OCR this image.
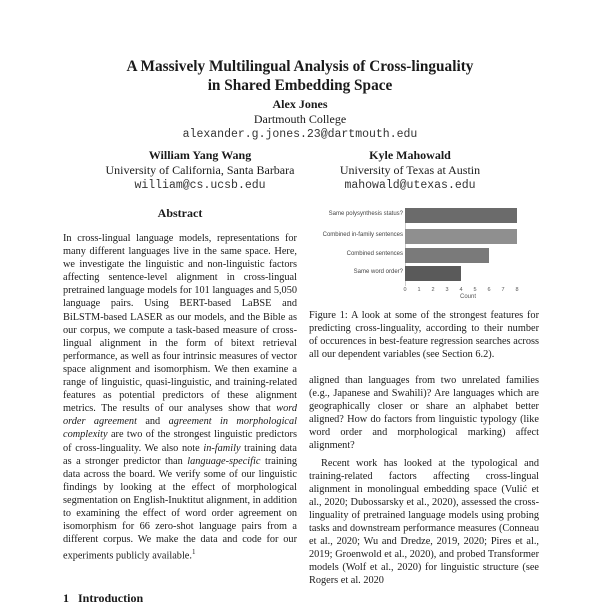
A Massively Multilingual Analysis of Cross-linguality
in Shared Embedding Space
Alex Jones
Dartmouth College
alexander.g.jones.23@dartmouth.edu
William Yang Wang
University of California, Santa Barbara
william@cs.ucsb.edu
Kyle Mahowald
University of Texas at Austin
mahowald@utexas.edu
Abstract

In cross-lingual language models, representations for many different languages live in the same space. Here, we investigate the linguistic and non-linguistic factors affecting sentence-level alignment in cross-lingual pretrained language models for 101 languages and 5,050 language pairs. Using BERT-based LaBSE and BiLSTM-based LASER as our models, and the Bible as our corpus, we compute a task-based measure of cross-lingual alignment in the form of bitext retrieval performance, as well as four intrinsic measures of vector space alignment and isomorphism. We then examine a range of linguistic, quasi-linguistic, and training-related features as potential predictors of these alignment metrics. The results of our analyses show that word order agreement and agreement in morphological complexity are two of the strongest linguistic predictors of cross-linguality. We also note in-family training data as a stronger predictor than language-specific training data across the board. We verify some of our linguistic findings by looking at the effect of morphological segmentation on English-Inuktitut alignment, in addition to examining the effect of word order agreement on isomorphism for 66 zero-shot language pairs from a different corpus. We make the data and code for our experiments publicly available.$^1$

1   Introduction
Same polysynthesis status?
Combined in-family sentences
Combined sentences
Same word order?
0 1 2 3 4 5 6 7 8
Count
Figure 1: A look at some of the strongest features for predicting cross-linguality, according to their number of occurences in best-feature regression searches across all our dependent variables (see Section 6.2).

aligned than languages from two unrelated families (e.g., Japanese and Swahili)? Are languages which are geographically closer or share an alphabet better aligned? How do factors from linguistic typology (like word order and morphological marking) affect alignment?

Recent work has looked at the typological and training-related factors affecting cross-lingual alignment in monolingual embedding space (Vulić et al., 2020; Dubossarsky et al., 2020), assessed the cross-linguality of pretrained language models using probing tasks and downstream performance measures (Conneau et al., 2020; Wu and Dredze, 2019, 2020; Pires et al., 2019; Groenwold et al., 2020), and probed Transformer models (Wolf et al., 2020) for linguistic structure (see Rogers et al. 2020
